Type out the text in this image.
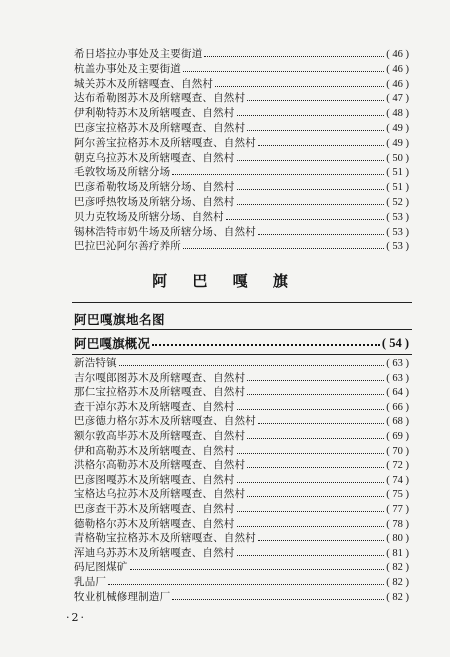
阿 巴 嘎 旗
阿巴嘎旗地名图
阿巴嘎旗概况	( 54 )
·2·
希日塔拉办事处及主要街道	( 46 )
杭盖办事处及主要街道	( 46 )
城关苏木及所辖嘎查、自然村	( 46 )
达布希勒图苏木及所辖嘎查、自然村	( 47 )
伊利勒特苏木及所辖嘎查、自然村	( 48 )
巴彦宝拉格苏木及所辖嘎查、自然村	( 49 )
阿尔善宝拉格苏木及所辖嘎查、自然村	( 49 )
朝克乌拉苏木及所辖嘎查、自然村	( 50 )
毛敦牧场及所辖分场	( 51 )
巴彦希勒牧场及所辖分场、自然村	( 51 )
巴彦呼热牧场及所辖分场、自然村	( 52 )
贝力克牧场及所辖分场、自然村	( 53 )
锡林浩特市奶牛场及所辖分场、自然村	( 53 )
巴拉巴沁阿尔善疗养所	( 53 )
新浩特镇	( 63 )
吉尔嘎郎图苏木及所辖嘎查、自然村	( 63 )
那仁宝拉格苏木及所辖嘎查、自然村	( 64 )
查干淖尔苏木及所辖嘎查、自然村	( 66 )
巴彦德力格尔苏木及所辖嘎查、自然村	( 68 )
额尔敦高毕苏木及所辖嘎查、自然村	( 69 )
伊和高勒苏木及所辖嘎查、自然村	( 70 )
洪格尔高勒苏木及所辖嘎查、自然村	( 72 )
巴彦图嘎苏木及所辖嘎查、自然村	( 74 )
宝格达乌拉苏木及所辖嘎查、自然村	( 75 )
巴彦查干苏木及所辖嘎查、自然村	( 77 )
德勒格尔苏木及所辖嘎查、自然村	( 78 )
青格勒宝拉格苏木及所辖嘎查、自然村	( 80 )
浑迪乌苏苏木及所辖嘎查、自然村	( 81 )
码尼图煤矿	( 82 )
乳品厂	( 82 )
牧业机械修理制造厂	( 82 )
